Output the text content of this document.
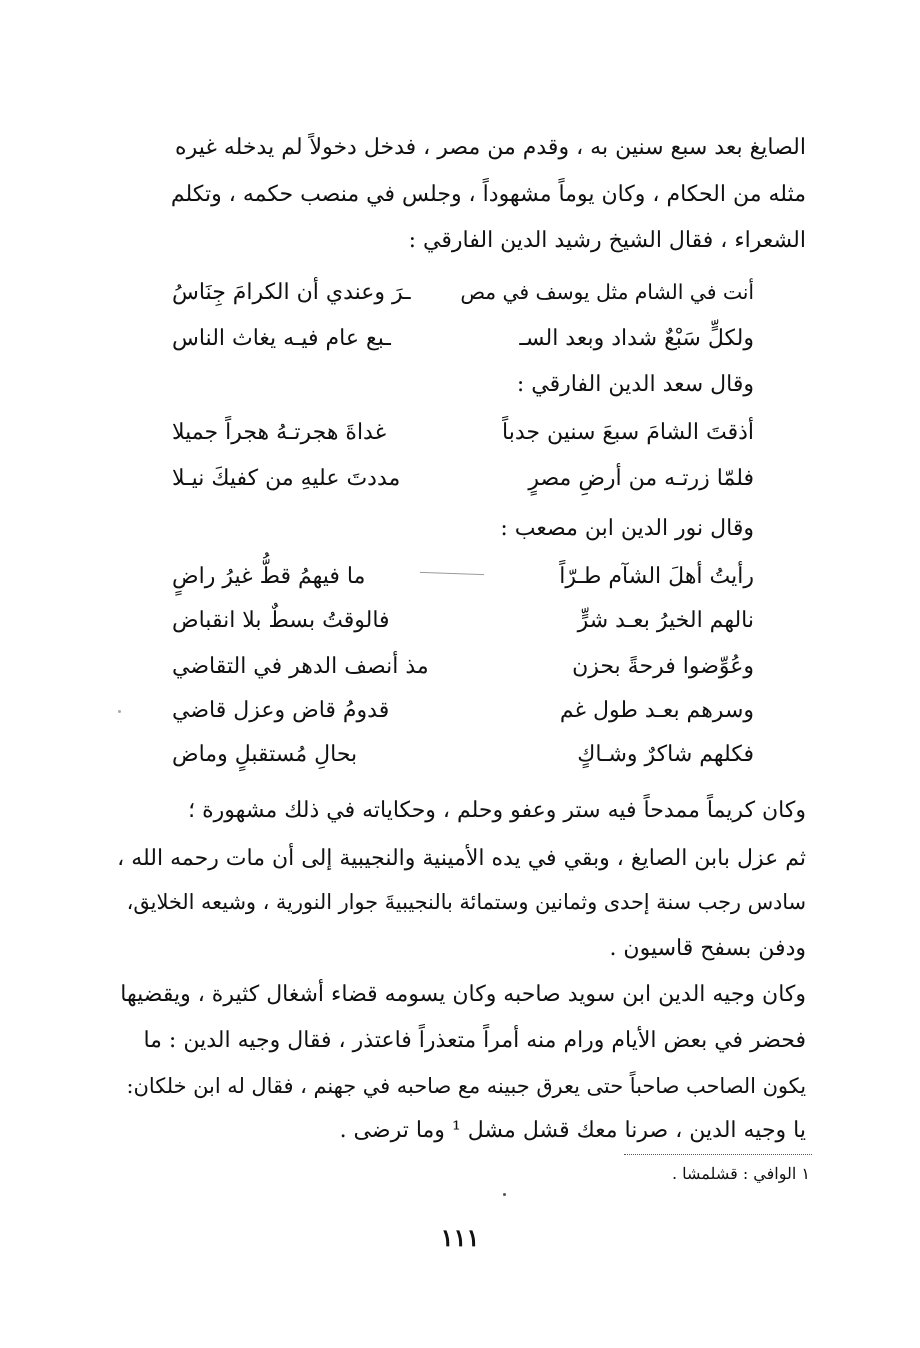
الصايغ بعد سبع سنين به ، وقدم من مصر ، فدخل دخولاً لم يدخله غيره
مثله من الحكام ، وكان يوماً مشهوداً ، وجلس في منصب حكمه ، وتكلم
الشعراء ، فقال الشيخ رشيد الدين الفارقي :
أنت في الشام مثل يوسف في مص
ـرَ وعندي أن الكرامَ جِنَاسُ
ولكلٍّ سَبْعٌ شداد وبعد السـ
ـبع عام فيـه يغاث الناس
وقال سعد الدين الفارقي :
أذقتَ الشامَ سبعَ سنين جدباً
غداةَ هجرتـهُ هجراً جميلا
فلمّا زرتـه من أرضِ مصرٍ
مددتَ عليهِ من كفيكَ نيـلا
وقال نور الدين ابن مصعب :
رأيتُ أهلَ الشآم طـرّاً
ما فيهمُ قطُّ غيرُ راضٍ
نالهم الخيرُ بعـد شرٍّ
فالوقتُ بسطٌ بلا انقباض
وعُوِّضوا فرحةً بحزن
مذ أنصف الدهر في التقاضي
وسرهم بعـد طول غم
قدومُ قاض وعزل قاضي
فكلهم شاكرٌ وشـاكٍ
بحالِ مُستقبلٍ وماض
وكان كريماً ممدحاً فيه ستر وعفو وحلم ، وحكاياته في ذلك مشهورة ؛
ثم عزل بابن الصايغ ، وبقي في يده الأمينية والنجيبية إلى أن مات رحمه الله ،
سادس رجب سنة إحدى وثمانين وستمائة بالنجيبيةَ جوار النورية ، وشيعه الخلايق،
ودفن بسفح قاسيون .
وكان وجيه الدين ابن سويد صاحبه وكان يسومه قضاء أشغال كثيرة ، ويقضيها
فحضر في بعض الأيام ورام منه أمراً متعذراً فاعتذر ، فقال وجيه الدين : ما
يكون الصاحب صاحباً حتى يعرق جبينه مع صاحبه في جهنم ، فقال له ابن خلكان:
يا وجيه الدين ، صرنا معك قشل مشل ¹ وما ترضى .
١ الوافي : قشلمشا .
١١١
